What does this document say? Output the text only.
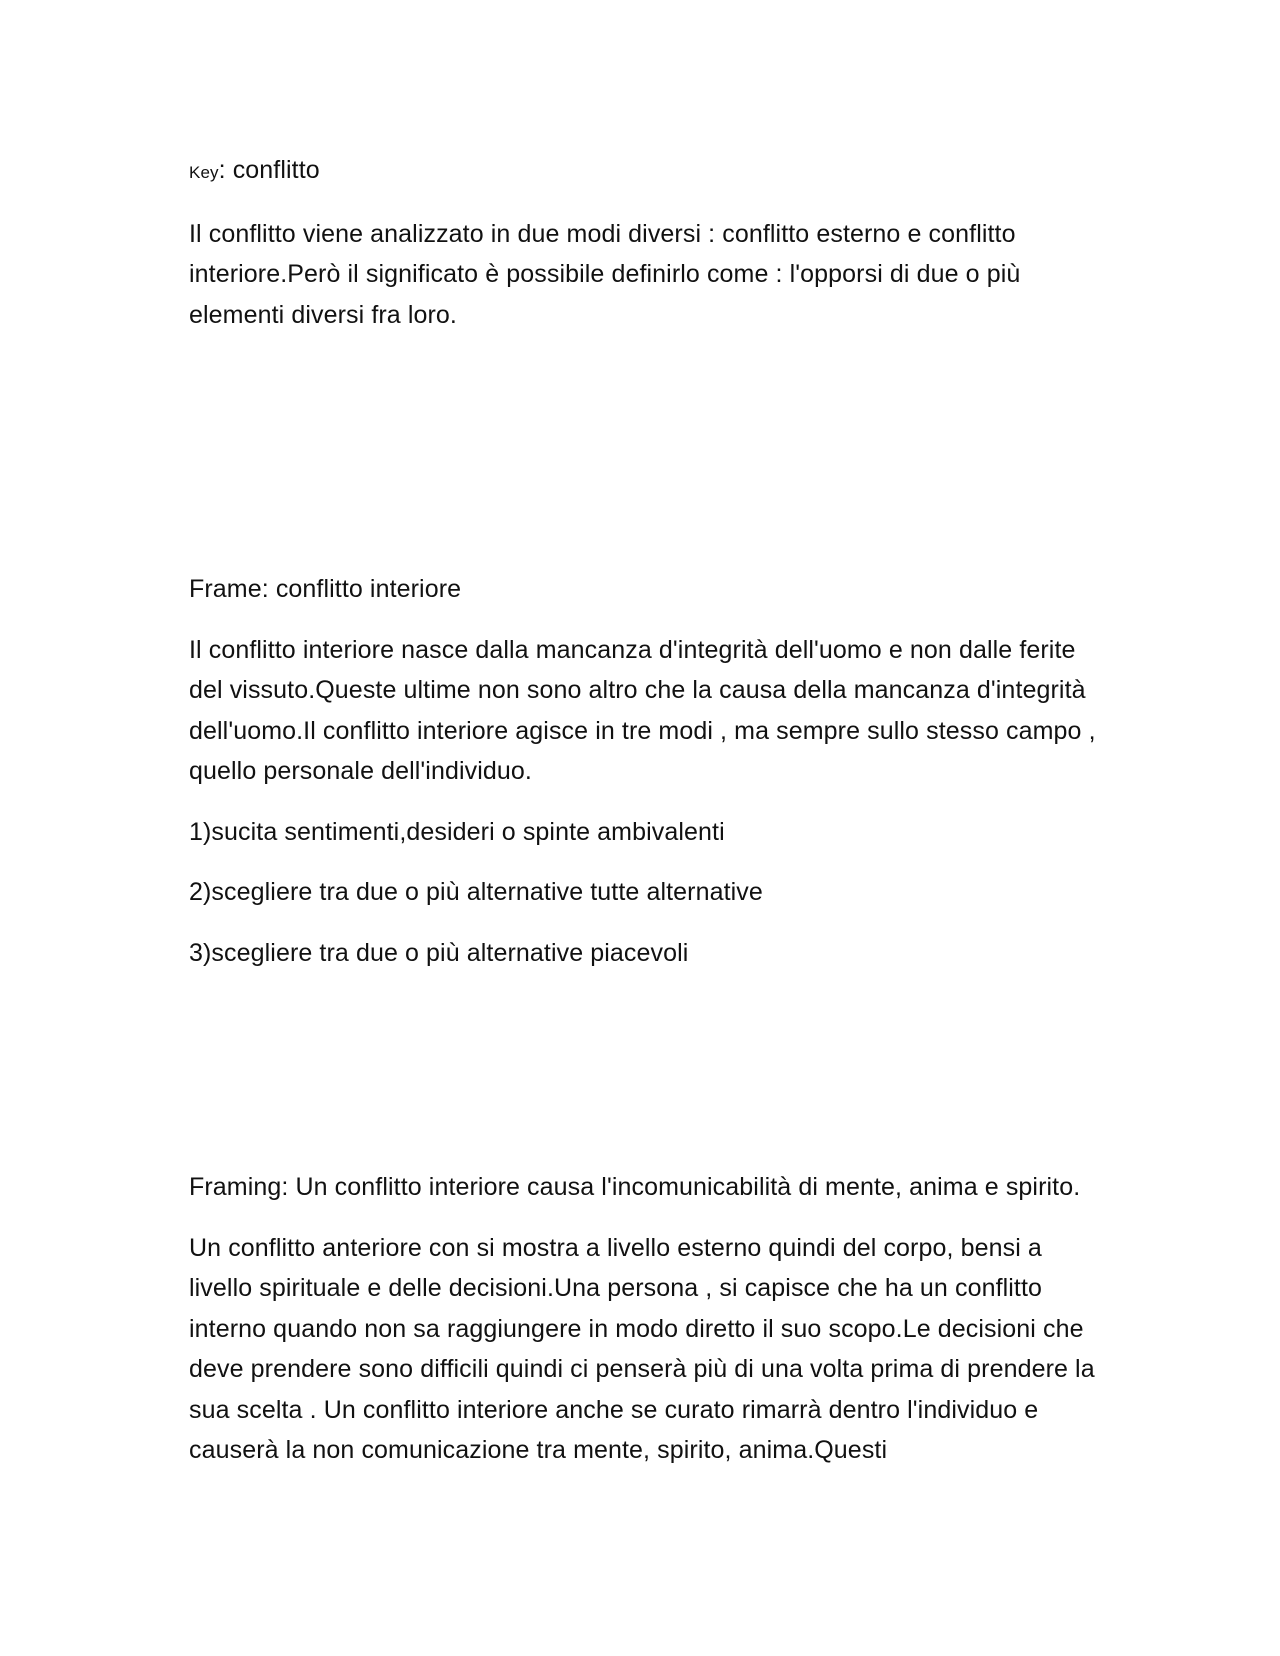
Key: conflitto

Il conflitto viene analizzato in due modi diversi : conflitto esterno e conflitto interiore.Però il significato è possibile definirlo come : l'opporsi di due o più elementi diversi fra loro.

Frame: conflitto interiore

Il conflitto interiore nasce dalla mancanza d'integrità dell'uomo e non dalle ferite del vissuto.Queste ultime non sono altro che la causa della mancanza d'integrità dell'uomo.Il conflitto interiore agisce in tre modi , ma sempre sullo stesso campo , quello personale dell'individuo.

1)sucita sentimenti,desideri o spinte ambivalenti

2)scegliere tra due o più alternative tutte alternative

3)scegliere tra due o più alternative piacevoli

Framing: Un conflitto interiore causa l'incomunicabilità di mente, anima e spirito.

Un conflitto anteriore con si mostra a livello esterno quindi del corpo, bensi a livello spirituale e delle decisioni.Una persona , si capisce che ha un conflitto interno quando non sa raggiungere in modo diretto il suo scopo.Le decisioni che deve prendere sono difficili quindi ci penserà più di una volta prima di prendere la sua scelta . Un conflitto interiore anche se curato rimarrà dentro l'individuo e causerà la non comunicazione tra mente, spirito, anima.Questi
